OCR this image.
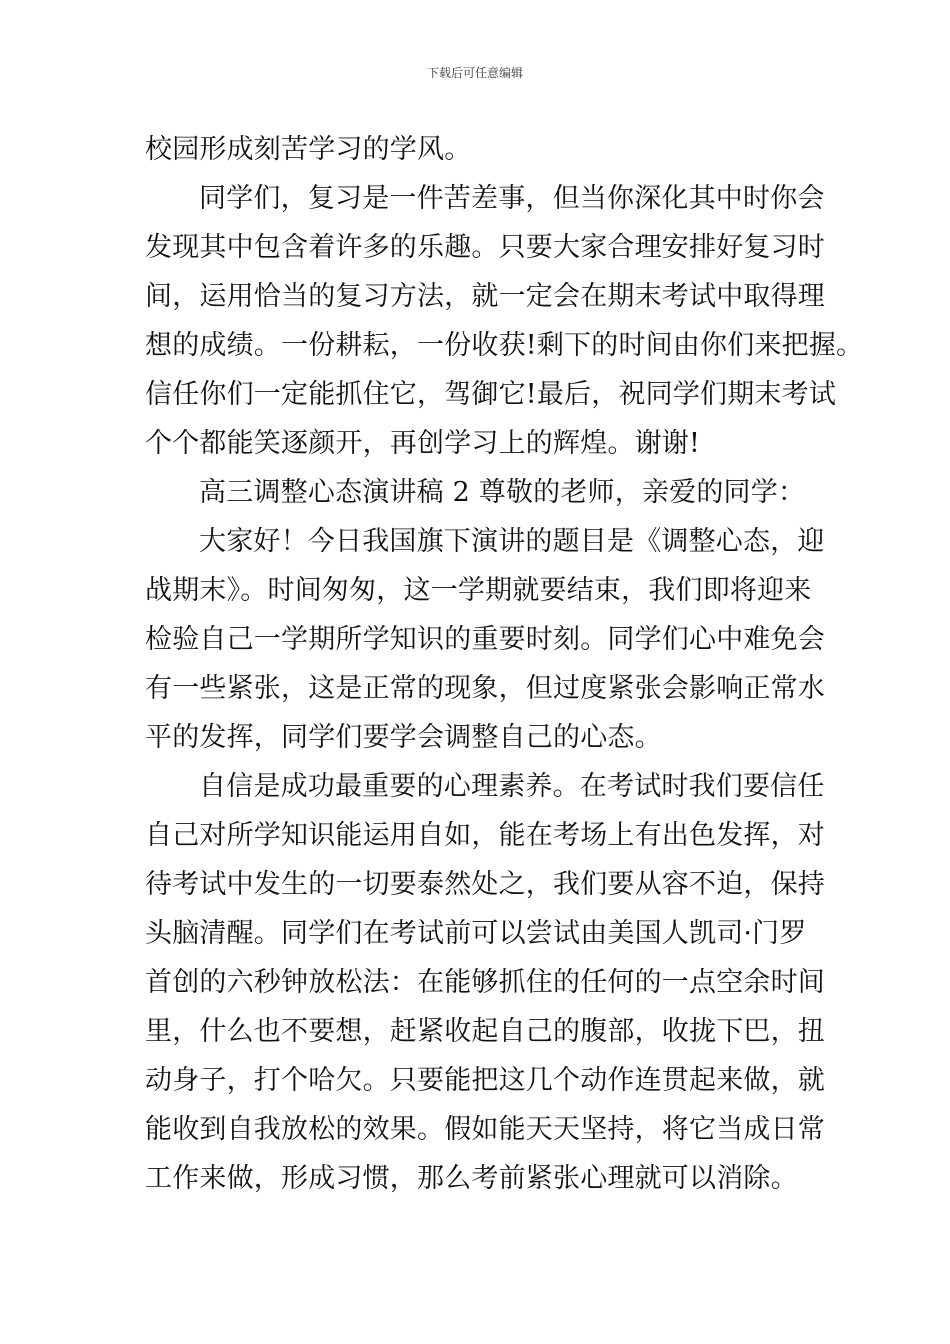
下载后可任意编辑
校园形成刻苦学习的学风。
同学们，复习是一件苦差事，但当你深化其中时你会
发现其中包含着许多的乐趣。只要大家合理安排好复习时
间，运用恰当的复习方法，就一定会在期末考试中取得理
想的成绩。一份耕耘，一份收获!剩下的时间由你们来把握。
信任你们一定能抓住它，驾御它!最后，祝同学们期末考试
个个都能笑逐颜开，再创学习上的辉煌。谢谢!
高三调整心态演讲稿 2 尊敬的老师，亲爱的同学：
大家好！今日我国旗下演讲的题目是《调整心态，迎
战期末》。时间匆匆，这一学期就要结束，我们即将迎来
检验自己一学期所学知识的重要时刻。同学们心中难免会
有一些紧张，这是正常的现象，但过度紧张会影响正常水
平的发挥，同学们要学会调整自己的心态。
自信是成功最重要的心理素养。在考试时我们要信任
自己对所学知识能运用自如，能在考场上有出色发挥，对
待考试中发生的一切要泰然处之，我们要从容不迫，保持
头脑清醒。同学们在考试前可以尝试由美国人凯司·门罗
首创的六秒钟放松法：在能够抓住的任何的一点空余时间
里，什么也不要想，赶紧收起自己的腹部，收拢下巴，扭
动身子，打个哈欠。只要能把这几个动作连贯起来做，就
能收到自我放松的效果。假如能天天坚持，将它当成日常
工作来做，形成习惯，那么考前紧张心理就可以消除。
